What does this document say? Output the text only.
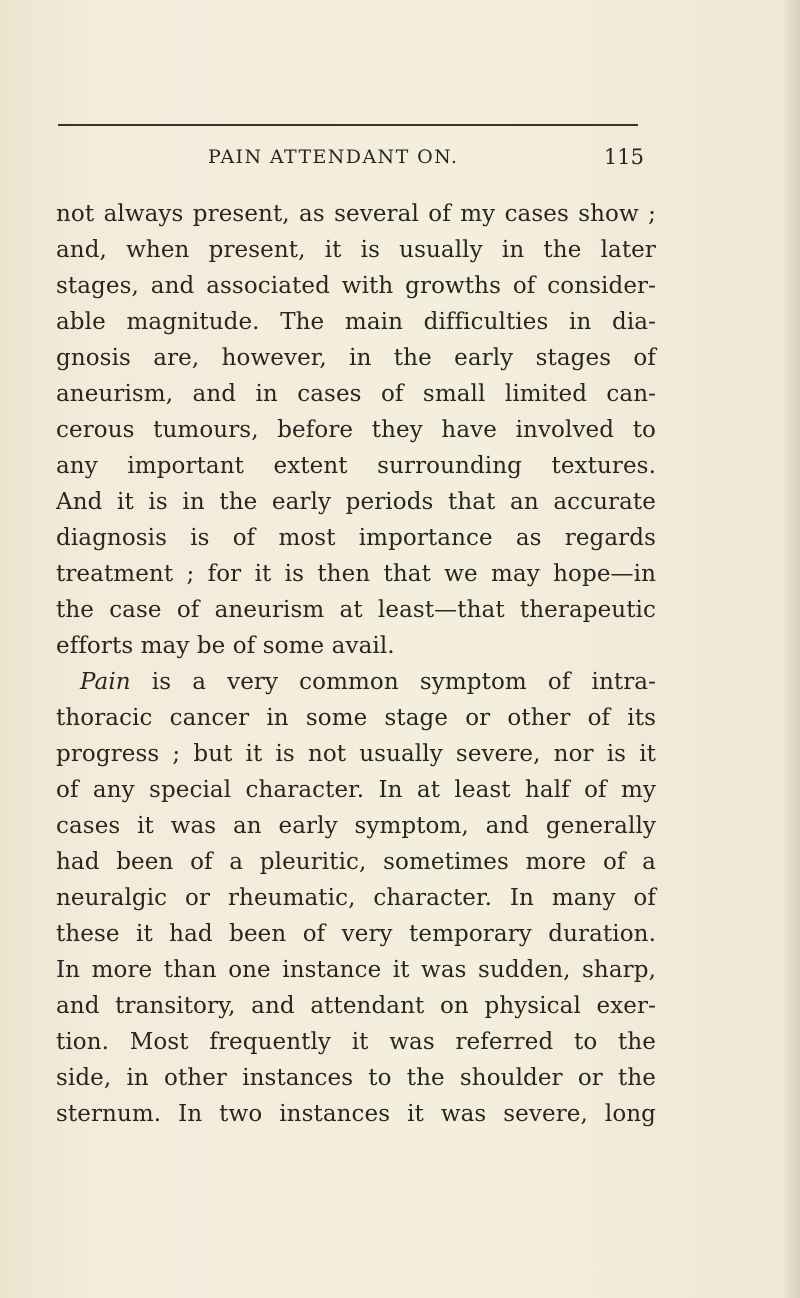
PAIN ATTENDANT ON.	115
not always present, as several of my cases show ;
and, when present, it is usually in the later
stages, and associated with growths of consider-
able magnitude. The main difficulties in dia-
gnosis are, however, in the early stages of
aneurism, and in cases of small limited can-
cerous tumours, before they have involved to
any important extent surrounding textures.
And it is in the early periods that an accurate
diagnosis is of most importance as regards
treatment ; for it is then that we may hope—in
the case of aneurism at least—that therapeutic
efforts may be of some avail.
Pain is a very common symptom of intra-
thoracic cancer in some stage or other of its
progress ; but it is not usually severe, nor is it
of any special character. In at least half of my
cases it was an early symptom, and generally
had been of a pleuritic, sometimes more of a
neuralgic or rheumatic, character. In many of
these it had been of very temporary duration.
In more than one instance it was sudden, sharp,
and transitory, and attendant on physical exer-
tion. Most frequently it was referred to the
side, in other instances to the shoulder or the
sternum. In two instances it was severe, long
